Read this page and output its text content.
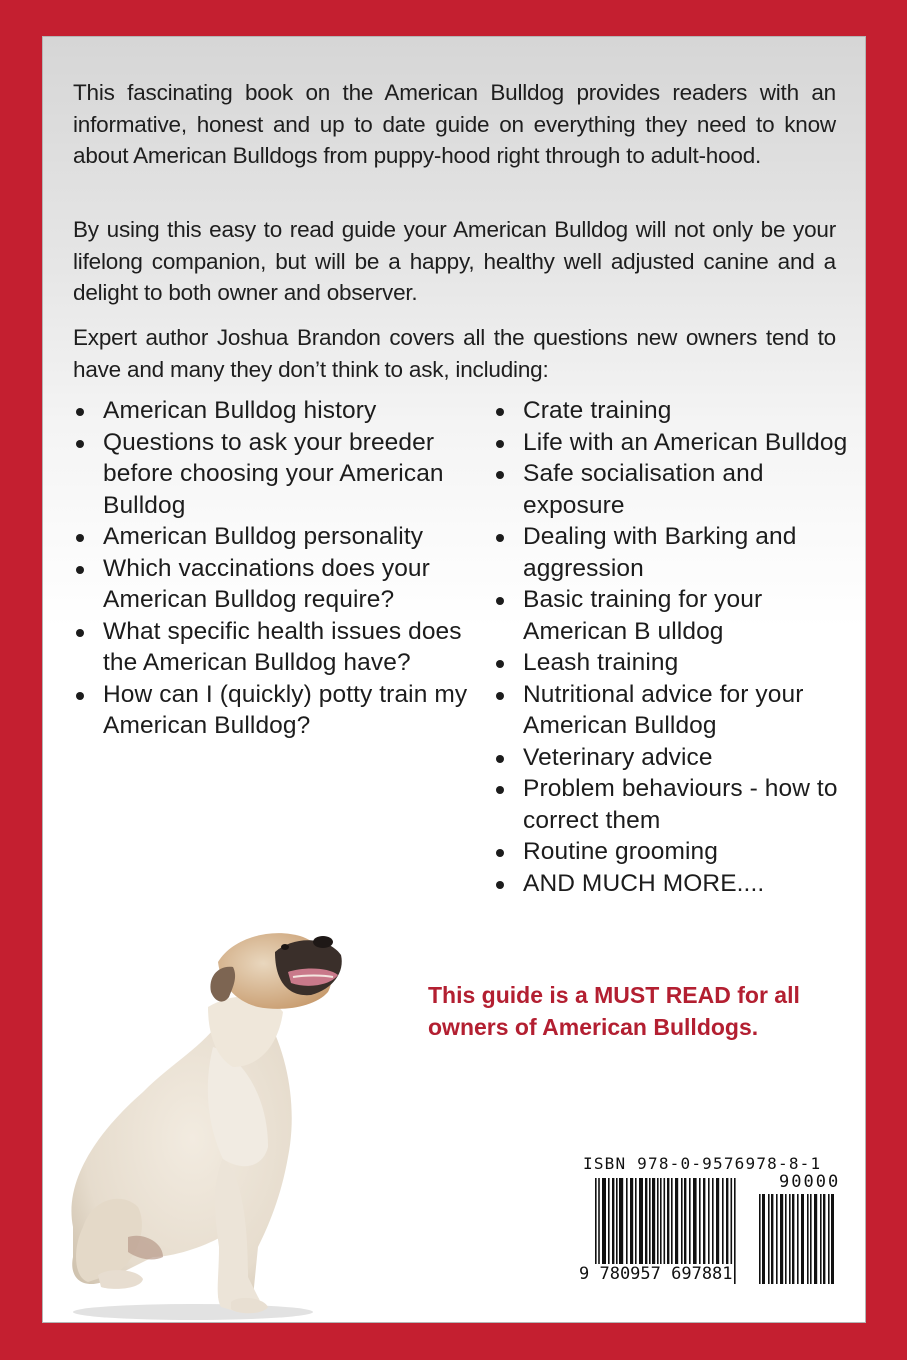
This fascinating book on the American Bulldog provides readers with an informative, honest and up to date guide on everything they need to know about American Bulldogs from puppy-hood right through to adult-hood.

By using this easy to read guide your American Bulldog will not only be your lifelong companion, but will be a happy, healthy well adjusted canine and a delight to both owner and observer.

Expert author Joshua Brandon covers all the questions new owners tend to have and many they don’t think to ask, including:

American Bulldog history
Questions to ask your breeder before choosing your American Bulldog
American Bulldog personality
Which vaccinations does your American Bulldog require?
What specific health issues does the American Bulldog have?
How can I (quickly) potty train my American Bulldog?
Crate training
Life with an American Bulldog
Safe socialisation and exposure
Dealing with Barking and aggression
Basic training for your American B ulldog
Leash training
Nutritional advice for your American Bulldog
Veterinary advice
Problem behaviours - how to correct them
Routine grooming
AND MUCH MORE....

This guide is a MUST READ for all owners of American Bulldogs.

ISBN 978-0-9576978-8-1
90000
9 780957 697881
